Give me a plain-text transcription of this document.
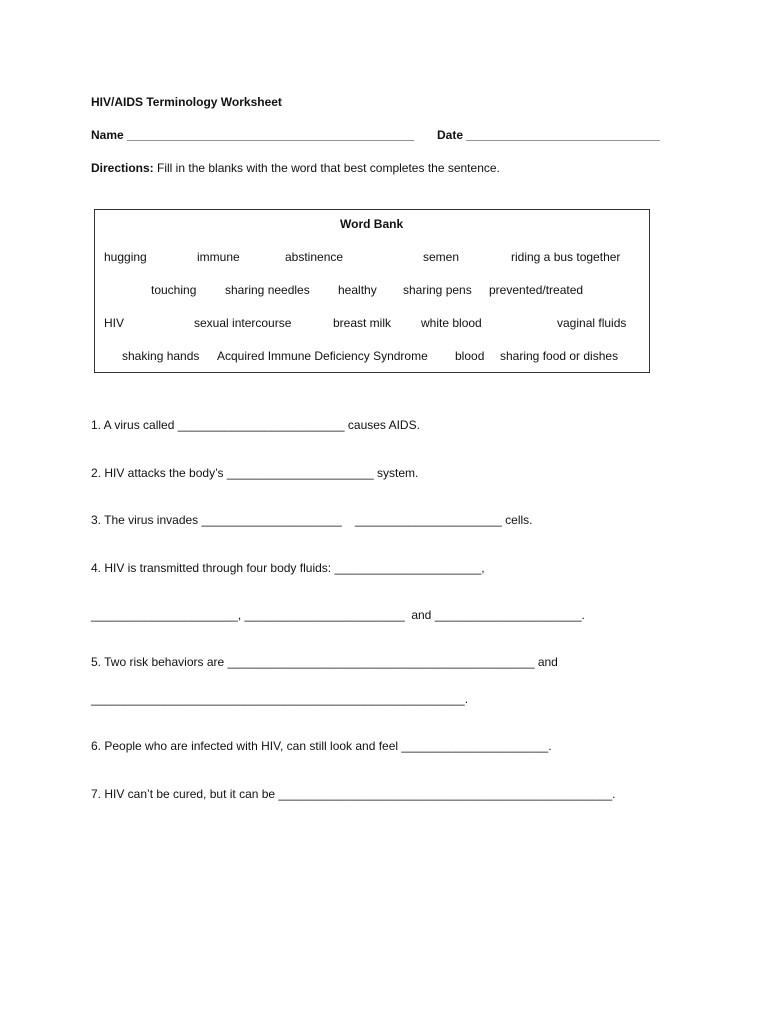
HIV/AIDS Terminology Worksheet
Name ___________________________________________ Date _____________________________
Directions: Fill in the blanks with the word that best completes the sentence.
Word Bank
hugging	immune	abstinence	semen	riding a bus together
touching sharing needles healthy sharing pens prevented/treated
HIV	sexual intercourse	breast milk white blood	vaginal fluids
shaking hands Acquired Immune Deficiency Syndrome blood sharing food or dishes
1. A virus called _________________________ causes AIDS.
2. HIV attacks the body’s ______________________ system.
3. The virus invades _____________________    ______________________ cells.
4. HIV is transmitted through four body fluids: ______________________,
______________________, ________________________  and ______________________.
5. Two risk behaviors are ______________________________________________ and
________________________________________________________.
6. People who are infected with HIV, can still look and feel ______________________.
7. HIV can’t be cured, but it can be __________________________________________________.
